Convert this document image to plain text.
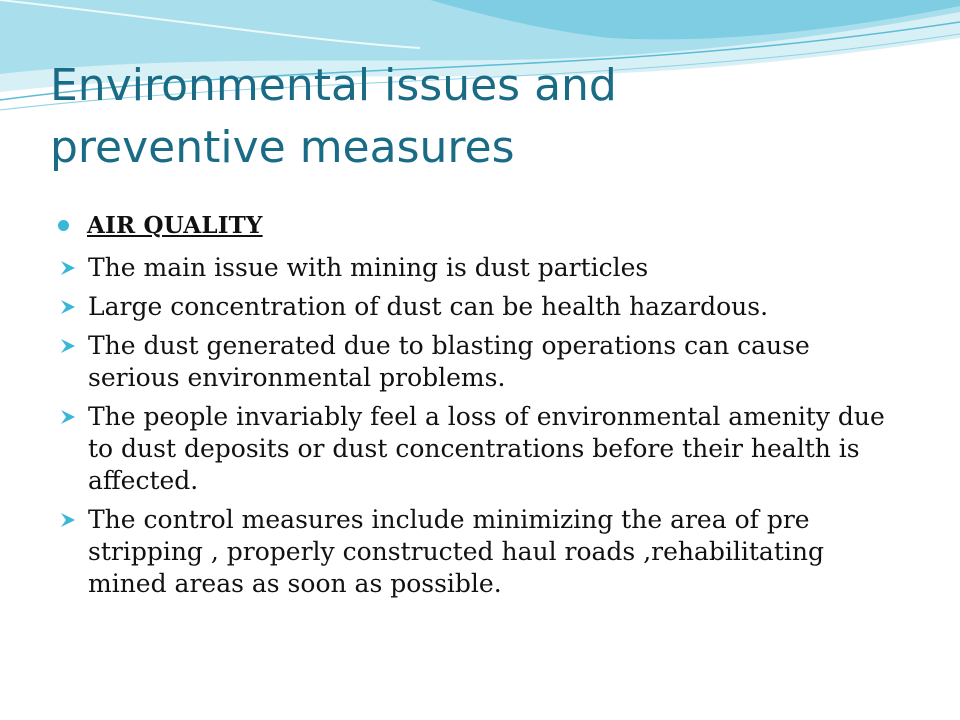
Environmental issues and
preventive measures
AIR QUALITY
The main issue with mining is dust particles
Large concentration of dust can be health hazardous.
The dust generated due to blasting operations can cause serious environmental problems.
The people invariably feel a loss of environmental amenity due to dust deposits or dust concentrations before their health is affected.
The control measures include minimizing the area of pre stripping , properly constructed haul roads ,rehabilitating mined areas as soon as possible.
